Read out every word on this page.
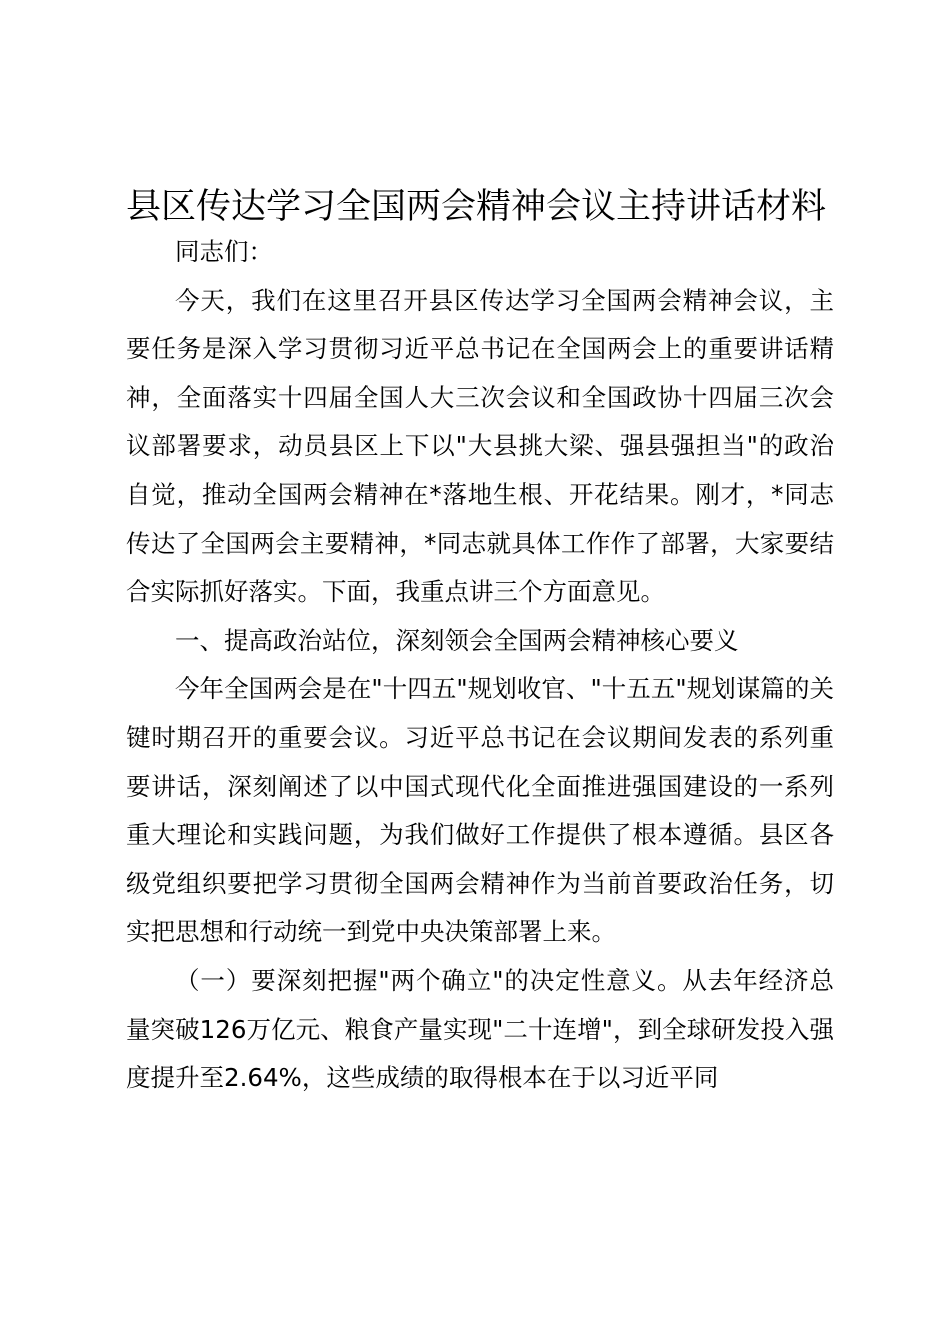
县区传达学习全国两会精神会议主持讲话材料

同志们：

今天，我们在这里召开县区传达学习全国两会精神会议，主要任务是深入学习贯彻习近平总书记在全国两会上的重要讲话精神，全面落实十四届全国人大三次会议和全国政协十四届三次会议部署要求，动员县区上下以"大县挑大梁、强县强担当"的政治自觉，推动全国两会精神在*落地生根、开花结果。刚才，*同志传达了全国两会主要精神，*同志就具体工作作了部署，大家要结合实际抓好落实。下面，我重点讲三个方面意见。

一、提高政治站位，深刻领会全国两会精神核心要义

今年全国两会是在"十四五"规划收官、"十五五"规划谋篇的关键时期召开的重要会议。习近平总书记在会议期间发表的系列重要讲话，深刻阐述了以中国式现代化全面推进强国建设的一系列重大理论和实践问题，为我们做好工作提供了根本遵循。县区各级党组织要把学习贯彻全国两会精神作为当前首要政治任务，切实把思想和行动统一到党中央决策部署上来。

（一）要深刻把握"两个确立"的决定性意义。从去年经济总量突破126万亿元、粮食产量实现"二十连增"，到全球研发投入强度提升至2.64%，这些成绩的取得根本在于以习近平同
